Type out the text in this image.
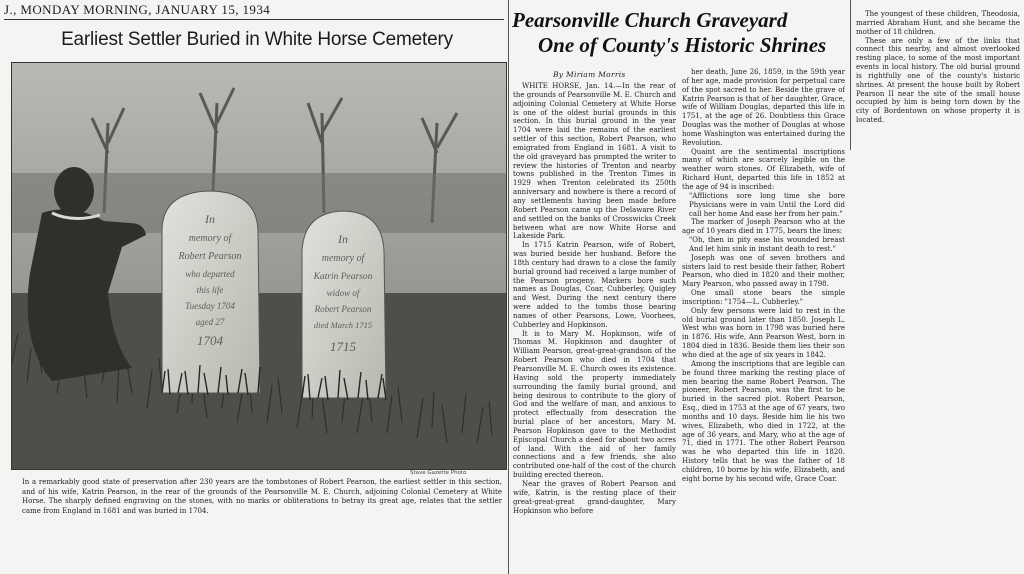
J., MONDAY MORNING, JANUARY 15, 1934
Earliest Settler Buried in White Horse Cemetery
In
memory of
Robert Pearson
who departed
this life
Tuesday 1704
aged 27
1704
In
memory of
Katrin Pearson
widow of
Robert Pearson
died March 1715
1715
Stave Gazette Photo
In a remarkably good state of preservation after 230 years are the tombstones of Robert Pearson, the earliest settler in this section, and of his wife, Katrin Pearson, in the rear of the grounds of the Pearsonville M. E. Church, adjoining Colonial Cemetery at White Horse. The sharply defined engraving on the stones, with no marks or obliterations to betray its great age, relates that the settler came from England in 1681 and was buried in 1704.
Pearsonville Church Graveyard
One of County's Historic Shrines
By Miriam Morris

WHITE HORSE, Jan. 14.—In the rear of the grounds of Pearsonville M. E. Church and adjoining Colonial Cemetery at White Horse is one of the oldest burial grounds in this section. In this burial ground in the year 1704 were laid the remains of the earliest settler of this section, Robert Pearson, who emigrated from England in 1681. A visit to the old graveyard has prompted the writer to review the histories of Trenton and nearby towns published in the Trenton Times in 1929 when Trenton celebrated its 250th anniversary and nowhere is there a record of any settlements having been made before Robert Pearson came up the Delaware River and settled on the banks of Crosswicks Creek between what are now White Horse and Lakeside Park.

In 1715 Katrin Pearson, wife of Robert, was buried beside her husband. Before the 18th century had drawn to a close the family burial ground had received a large number of the Pearson progeny. Markers bore such names as Douglas, Coar, Cubberley, Quigley and West. During the next century there were added to the tombs those bearing names of other Pearsons, Lowe, Voorhees, Cubberley and Hopkinson.

It is to Mary M. Hopkinson, wife of Thomas M. Hopkinson and daughter of William Pearson, great-great-grandson of the Robert Pearson who died in 1704 that Pearsonville M. E. Church owes its existence. Having sold the property immediately surrounding the family burial ground, and being desirous to contribute to the glory of God and the welfare of man, and anxious to protect effectually from desecration the burial place of her ancestors, Mary M. Pearson Hopkinson gave to the Methodist Episcopal Church a deed for about two acres of land. With the aid of her family connections and a few friends, she also contributed one-half of the cost of the church building erected thereon.

Near the graves of Robert Pearson and wife, Katrin, is the resting place of their great-great-great grand-daughter, Mary Hopkinson who before

her death, June 26, 1859, in the 59th year of her age, made provision for perpetual care of the spot sacred to her. Beside the grave of Katrin Pearson is that of her daughter, Grace, wife of William Douglas, departed this life in 1751, at the age of 26. Doubtless this Grace Douglas was the mother of Douglas at whose home Washington was entertained during the Revolution.

Quaint are the sentimental inscriptions many of which are scarcely legible on the weather worn stones. Of Elizabeth, wife of Richard Hunt, departed this life in 1852 at the age of 94 is inscribed:

"Afflictions sore long time she bore Physicians were in vain Until the Lord did call her home And ease her from her pain."

The marker of Joseph Pearson who at the age of 10 years died in 1775, bears the lines:

"Oh, then in pity ease his wounded breast And let him sink in instant death to rest."

Joseph was one of seven brothers and sisters laid to rest beside their father, Robert Pearson, who died in 1820 and their mother, Mary Pearson, who passed away in 1798.

One small stone bears the simple inscription: "1754—L. Cubberley."

Only few persons were laid to rest in the old burial ground later than 1850. Joseph L. West who was born in 1798 was buried here in 1876. His wife, Ann Pearson West, born in 1804 died in 1836. Beside them lies their son who died at the age of six years in 1842.

Among the inscriptions that are legible can be found three marking the resting place of men bearing the name Robert Pearson. The pioneer, Robert Pearson, was the first to be buried in the sacred plot. Robert Pearson, Esq., died in 1753 at the age of 67 years, two months and 10 days. Beside him lie his two wives, Elizabeth, who died in 1722, at the age of 36 years, and Mary, who at the age of 71, died in 1771. The other Robert Pearson was he who departed this life in 1820. History tells that he was the father of 18 children, 10 borne by his wife, Elizabeth, and eight borne by his second wife, Grace Coar.

The youngest of these children, Theodosia, married Abraham Hunt, and she became the mother of 18 children.

These are only a few of the links that connect this nearby, and almost overlooked resting place, to some of the most important events in local history. The old burial ground is rightfully one of the county's historic shrines. At present the house built by Robert Pearson II near the site of the small house occupied by him is being torn down by the city of Bordentown on whose property it is located.
